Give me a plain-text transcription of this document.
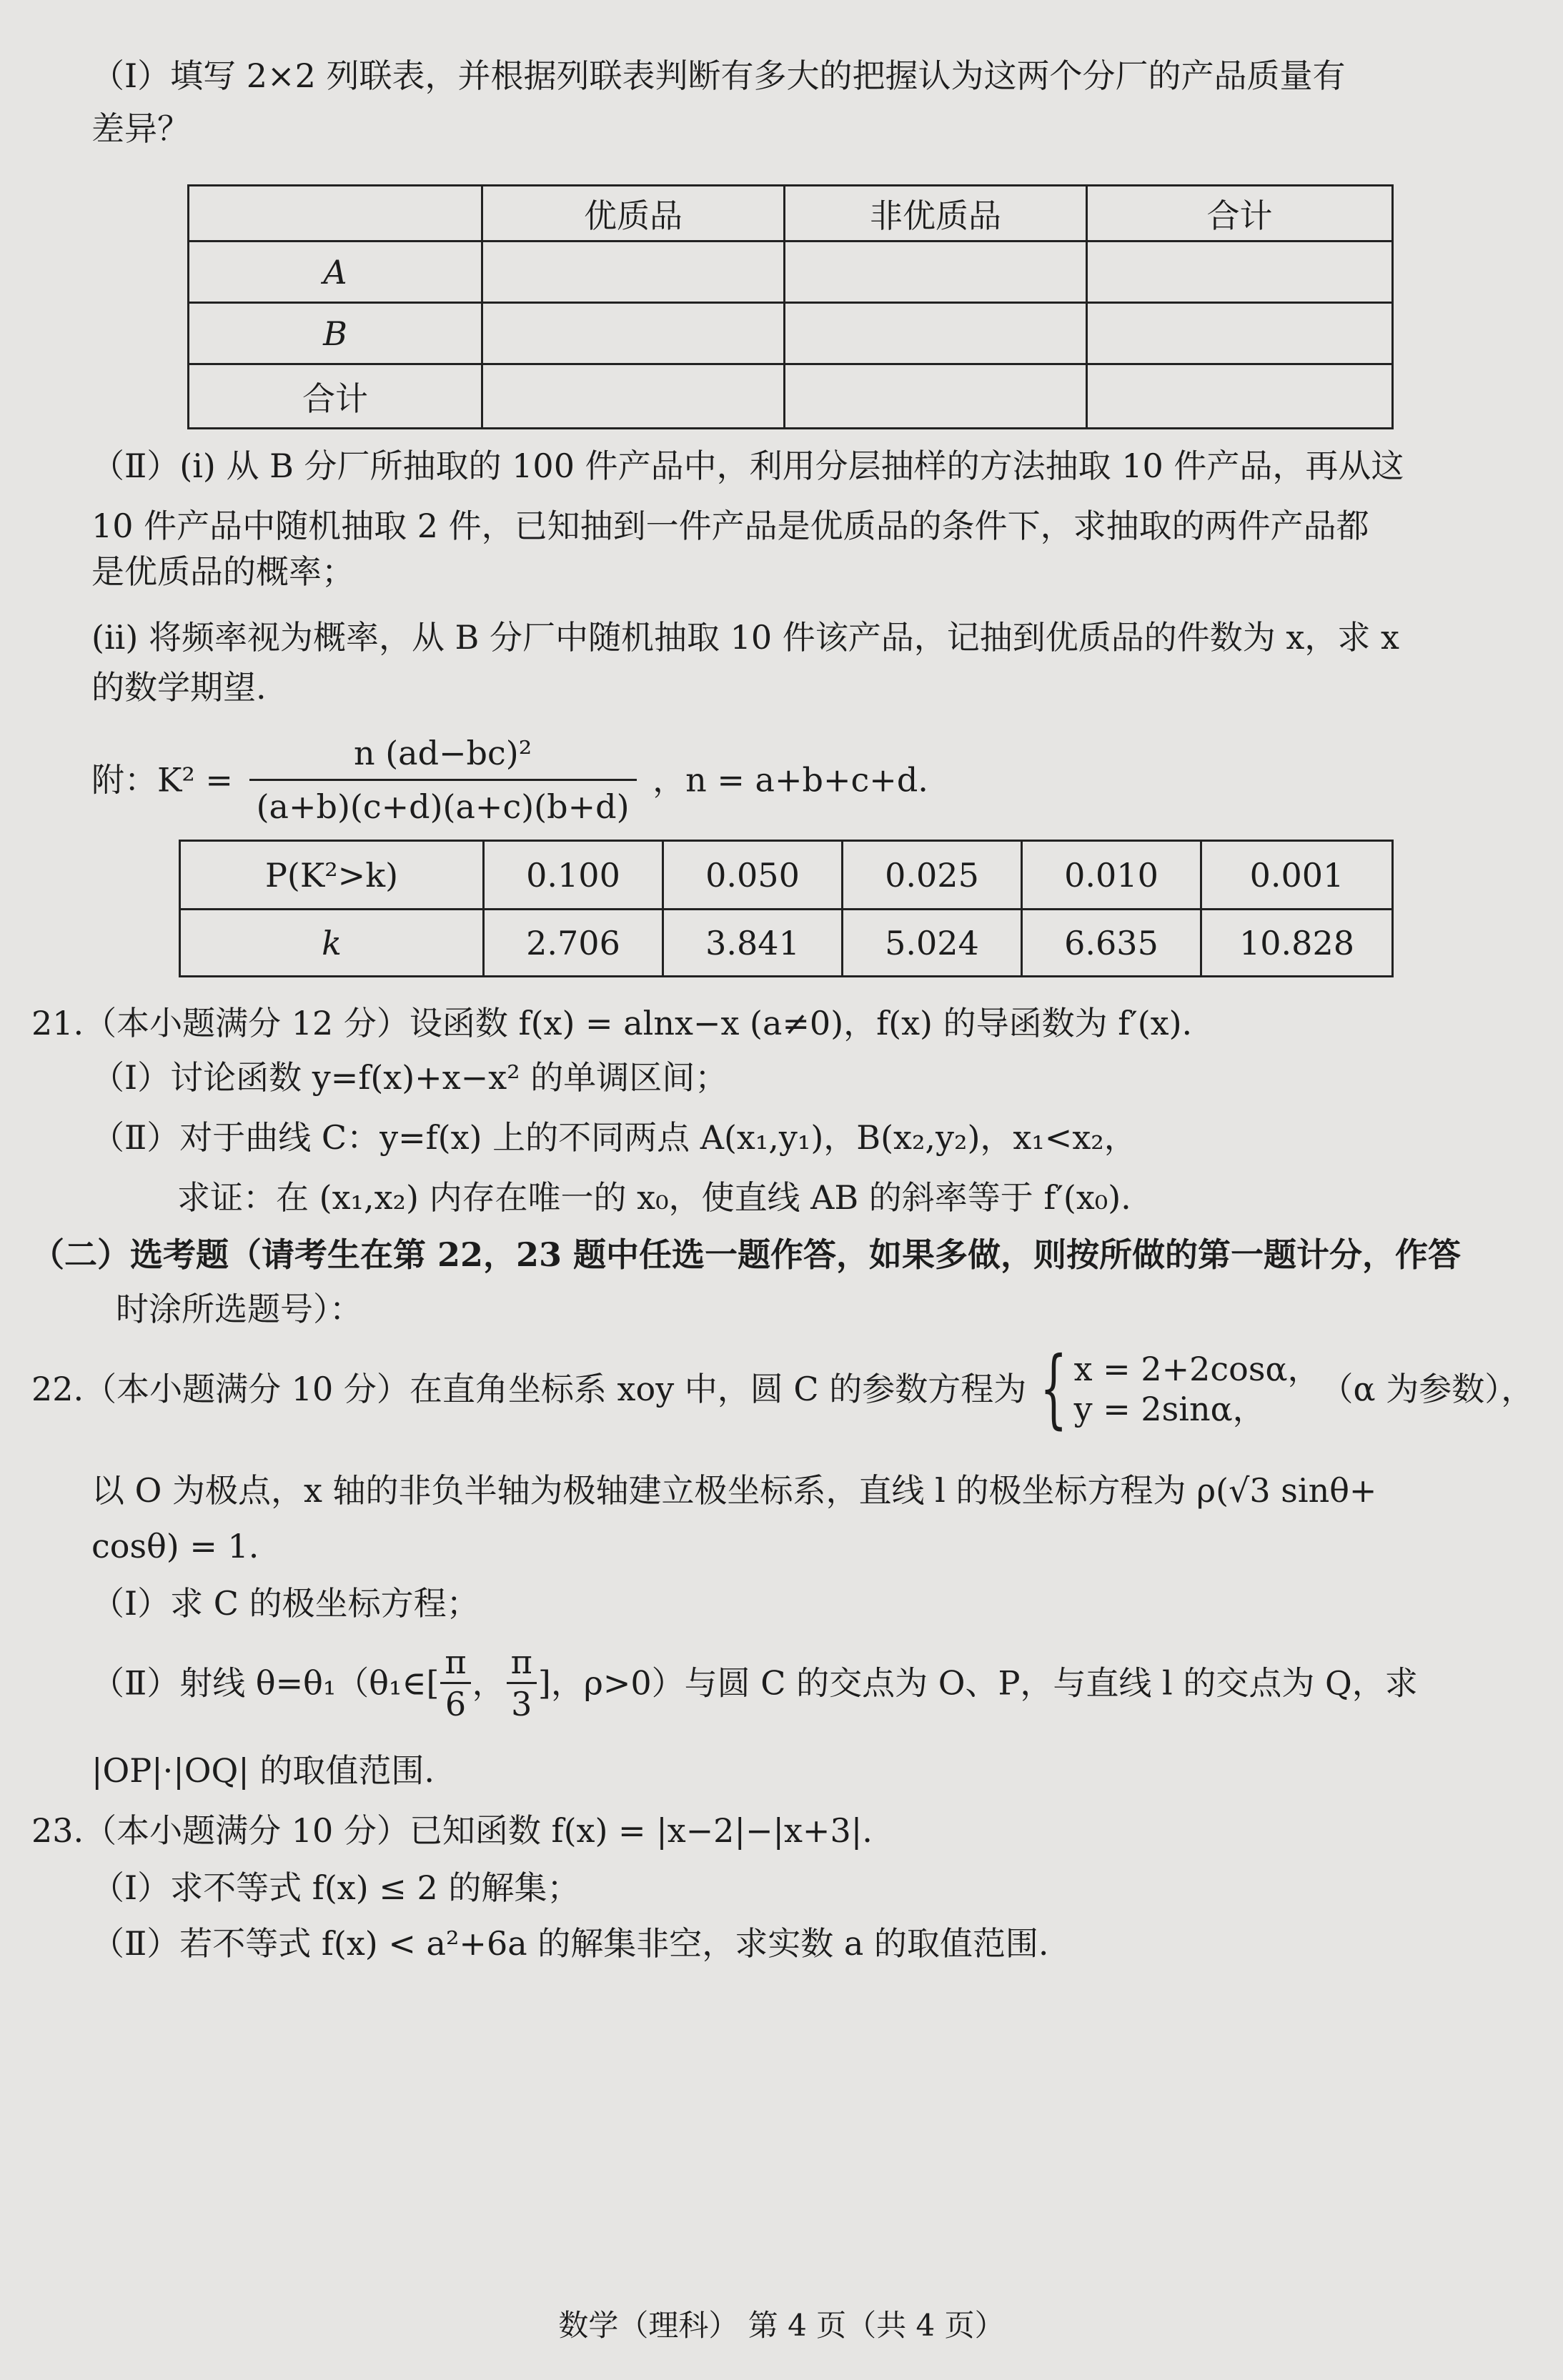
（Ⅰ）填写 2×2 列联表，并根据列联表判断有多大的把握认为这两个分厂的产品质量有
差异？
	优质品	非优质品	合计
A			
B			
合计			
（Ⅱ）(i) 从 B 分厂所抽取的 100 件产品中，利用分层抽样的方法抽取 10 件产品，再从这
10 件产品中随机抽取 2 件，已知抽到一件产品是优质品的条件下，求抽取的两件产品都
是优质品的概率；
(ii) 将频率视为概率，从 B 分厂中随机抽取 10 件该产品，记抽到优质品的件数为 x，求 x
的数学期望.
附：$K^2 = \frac{\text{n (ad−bc)²}}{(a+b)(c+d)(a+c)(b+d)}$ ，n = a+b+c+d.
P(K²>k)	0.100	0.050	0.025	0.010	0.001
k	2.706	3.841	5.024	6.635	10.828
21.（本小题满分 12 分）设函数 f(x) = alnx−x (a≠0)，f(x) 的导函数为 f′(x).
（Ⅰ）讨论函数 y=f(x)+x−x² 的单调区间；
（Ⅱ）对于曲线 C：y=f(x) 上的不同两点 A(x₁,y₁)，B(x₂,y₂)，x₁<x₂，
求证：在 (x₁,x₂) 内存在唯一的 x₀，使直线 AB 的斜率等于 f′(x₀).
（二）选考题（请考生在第 22，23 题中任选一题作答，如果多做，则按所做的第一题计分，作答
时涂所选题号）：
22.（本小题满分 10 分）在直角坐标系 xoy 中，圆 C 的参数方程为 { x = 2+2cosα，
y = 2sinα，
（α 为参数），
以 O 为极点，x 轴的非负半轴为极轴建立极坐标系，直线 l 的极坐标方程为 ρ(√3 sinθ+
cosθ) = 1.
（Ⅰ）求 C 的极坐标方程；
（Ⅱ）射线 θ=θ₁（θ₁∈[ $\frac{\pi}{6}$ ， $\frac{\pi}{3}$ ]，ρ>0）与圆 C 的交点为 O、P，与直线 l 的交点为 Q，求
|OP|·|OQ| 的取值范围.
23.（本小题满分 10 分）已知函数 f(x) = |x−2|−|x+3|.
（Ⅰ）求不等式 f(x) ≤ 2 的解集；
（Ⅱ）若不等式 f(x) < a²+6a 的解集非空，求实数 a 的取值范围.
数学（理科） 第 4 页（共 4 页）
